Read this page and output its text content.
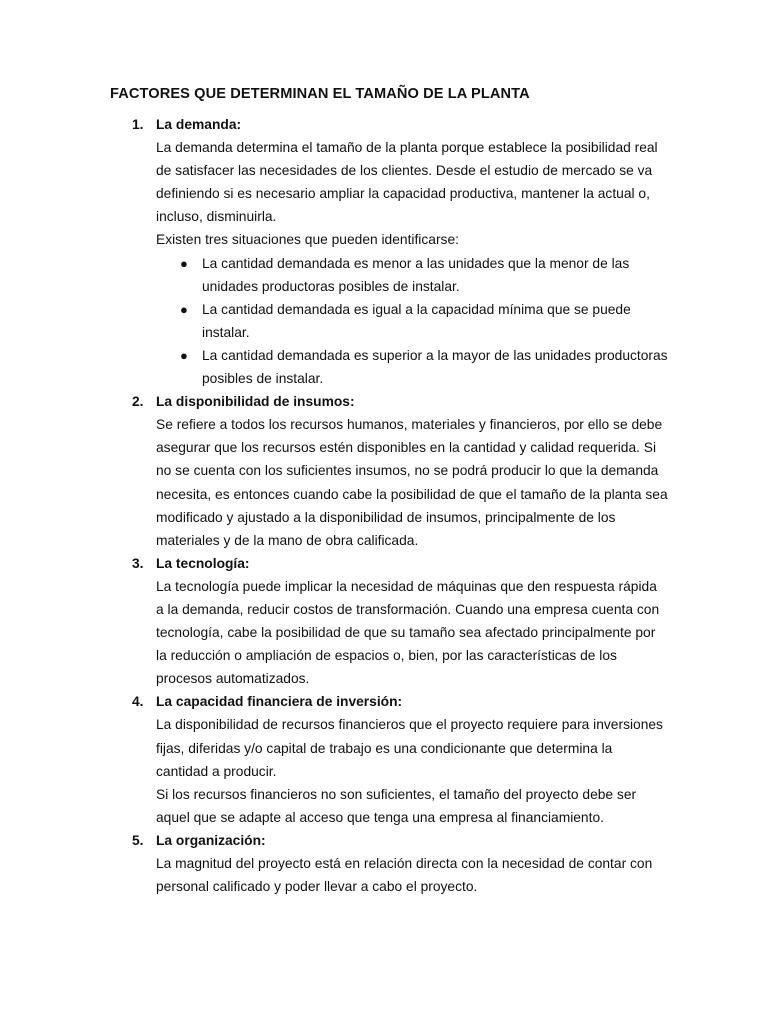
FACTORES QUE DETERMINAN EL TAMAÑO DE LA PLANTA
1. La demanda:

La demanda determina el tamaño de la planta porque establece la posibilidad real de satisfacer las necesidades de los clientes. Desde el estudio de mercado se va definiendo si es necesario ampliar la capacidad productiva, mantener la actual o, incluso, disminuirla.

Existen tres situaciones que pueden identificarse:

● La cantidad demandada es menor a las unidades que la menor de las unidades productoras posibles de instalar.
● La cantidad demandada es igual a la capacidad mínima que se puede instalar.
● La cantidad demandada es superior a la mayor de las unidades productoras posibles de instalar.
2. La disponibilidad de insumos:

Se refiere a todos los recursos humanos, materiales y financieros, por ello se debe asegurar que los recursos estén disponibles en la cantidad y calidad requerida. Si no se cuenta con los suficientes insumos, no se podrá producir lo que la demanda necesita, es entonces cuando cabe la posibilidad de que el tamaño de la planta sea modificado y ajustado a la disponibilidad de insumos, principalmente de los materiales y de la mano de obra calificada.

3. La tecnología:

La tecnología puede implicar la necesidad de máquinas que den respuesta rápida a la demanda, reducir costos de transformación. Cuando una empresa cuenta con tecnología, cabe la posibilidad de que su tamaño sea afectado principalmente por la reducción o ampliación de espacios o, bien, por las características de los procesos automatizados.

4. La capacidad financiera de inversión:

La disponibilidad de recursos financieros que el proyecto requiere para inversiones fijas, diferidas y/o capital de trabajo es una condicionante que determina la cantidad a producir.

Si los recursos financieros no son suficientes, el tamaño del proyecto debe ser aquel que se adapte al acceso que tenga una empresa al financiamiento.

5. La organización:

La magnitud del proyecto está en relación directa con la necesidad de contar con personal calificado y poder llevar a cabo el proyecto.
